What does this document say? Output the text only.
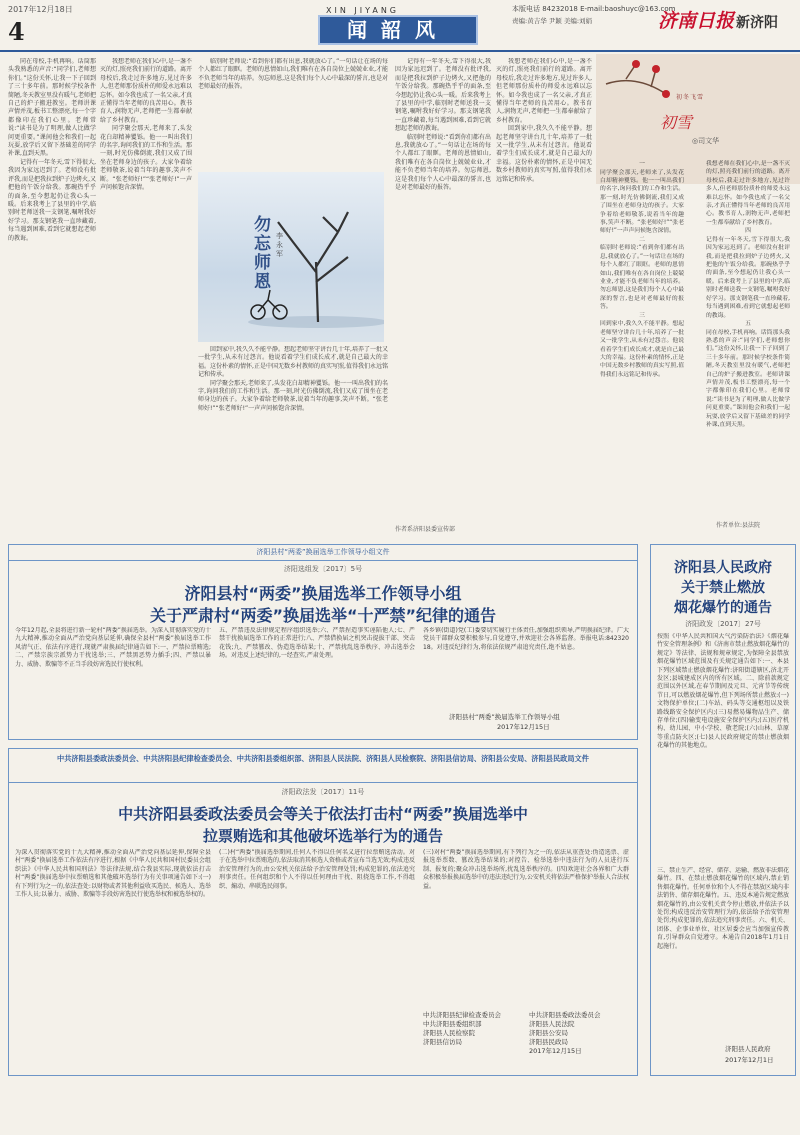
2017年12月18日
4
XIN JIYANG
闻韶风
本版电话 84232018 E-mail:baoshuyc@163.com
责编:黄吉华 尹颖 美编:刘娟	济南日报 新济阳

同在母校,手机再响。话筒那头我熟悉的声音:“同学们,老师想你们。”这份关怀,让我一下子回到了三十多年前。那时候学校条件简陋,冬天教室里没有暖气,老师把自己的炉子搬进教室。老师讲课声情并茂,板书工整漂亮,每一个字都像印在我们心里。老师常说:“读书是为了明理,做人比做学问更重要。”课间他会和我们一起玩耍,放学后又留下基础差的同学补课,直到天黑。

记得有一年冬天,雪下得很大,我因为家远迟到了。老师没有批评我,而是把我拉到炉子边烤火,又把他的午饭分给我。那碗热乎乎的面条,至今想起仍让我心头一暖。后来我考上了县里的中学,临别时老师送我一支钢笔,嘱咐我好好学习。那支钢笔我一直珍藏着,每当遇到困难,看到它就想起老师的教诲。

我想老师在我们心中,是一盏不灭的灯,照亮我们前行的道路。离开母校后,我走过许多地方,见过许多人,但老师那份质朴的师爱永远难以忘怀。如今我也成了一名父亲,才真正懂得当年老师的良苦用心。教书育人,润物无声,老师把一生都奉献给了乡村教育。

同学聚会那天,老师来了,头发花白却精神矍铄。他一一叫出我们的名字,询问我们的工作和生活。那一刻,时光仿佛倒流,我们又成了围坐在老师身边的孩子。大家争着给老师敬茶,说着当年的趣事,笑声不断。“张老师好!”“张老师好!”一声声问候饱含深情。

临别时老师说:“看到你们都有出息,我就放心了。”一句话让在场的每个人都红了眼眶。老师的恩情如山,我们唯有在各自岗位上兢兢业业,才能不负老师当年的培养。勿忘师恩,这是我们每个人心中最深的誓言,也是对老师最好的报答。

回到家中,我久久不能平静。想起老师坚守讲台几十年,培养了一批又一批学生,从未有过怨言。他说看着学生们成长成才,就是自己最大的幸福。这份朴素的情怀,正是中国无数乡村教师的真实写照,值得我们永远铭记和传承。

同学聚会那天,老师来了,头发花白却精神矍铄。他一一叫出我们的名字,询问我们的工作和生活。那一刻,时光仿佛倒流,我们又成了围坐在老师身边的孩子。大家争着给老师敬茶,说着当年的趣事,笑声不断。“张老师好!”“张老师好!”一声声问候饱含深情。

记得有一年冬天,雪下得很大,我因为家远迟到了。老师没有批评我,而是把我拉到炉子边烤火,又把他的午饭分给我。那碗热乎乎的面条,至今想起仍让我心头一暖。后来我考上了县里的中学,临别时老师送我一支钢笔,嘱咐我好好学习。那支钢笔我一直珍藏着,每当遇到困难,看到它就想起老师的教诲。

临别时老师说:“看到你们都有出息,我就放心了。”一句话让在场的每个人都红了眼眶。老师的恩情如山,我们唯有在各自岗位上兢兢业业,才能不负老师当年的培养。勿忘师恩,这是我们每个人心中最深的誓言,也是对老师最好的报答。

我想老师在我们心中,是一盏不灭的灯,照亮我们前行的道路。离开母校后,我走过许多地方,见过许多人,但老师那份质朴的师爱永远难以忘怀。如今我也成了一名父亲,才真正懂得当年老师的良苦用心。教书育人,润物无声,老师把一生都奉献给了乡村教育。

回到家中,我久久不能平静。想起老师坚守讲台几十年,培养了一批又一批学生,从未有过怨言。他说看着学生们成长成才,就是自己最大的幸福。这份朴素的情怀,正是中国无数乡村教师的真实写照,值得我们永远铭记和传承。

勿忘师恩
李永军
作者系济阳县委宣传部
初冬飞雪
初雪
◎司文华
一
同学聚会那天,老师来了,头发花白却精神矍铄。他一一叫出我们的名字,询问我们的工作和生活。那一刻,时光仿佛倒流,我们又成了围坐在老师身边的孩子。大家争着给老师敬茶,说着当年的趣事,笑声不断。“张老师好!”“张老师好!”一声声问候饱含深情。
二
临别时老师说:“看到你们都有出息,我就放心了。”一句话让在场的每个人都红了眼眶。老师的恩情如山,我们唯有在各自岗位上兢兢业业,才能不负老师当年的培养。勿忘师恩,这是我们每个人心中最深的誓言,也是对老师最好的报答。
三
回到家中,我久久不能平静。想起老师坚守讲台几十年,培养了一批又一批学生,从未有过怨言。他说看着学生们成长成才,就是自己最大的幸福。这份朴素的情怀,正是中国无数乡村教师的真实写照,值得我们永远铭记和传承。
我想老师在我们心中,是一盏不灭的灯,照亮我们前行的道路。离开母校后,我走过许多地方,见过许多人,但老师那份质朴的师爱永远难以忘怀。如今我也成了一名父亲,才真正懂得当年老师的良苦用心。教书育人,润物无声,老师把一生都奉献给了乡村教育。
四
记得有一年冬天,雪下得很大,我因为家远迟到了。老师没有批评我,而是把我拉到炉子边烤火,又把他的午饭分给我。那碗热乎乎的面条,至今想起仍让我心头一暖。后来我考上了县里的中学,临别时老师送我一支钢笔,嘱咐我好好学习。那支钢笔我一直珍藏着,每当遇到困难,看到它就想起老师的教诲。
五
同在母校,手机再响。话筒那头我熟悉的声音:“同学们,老师想你们。”这份关怀,让我一下子回到了三十多年前。那时候学校条件简陋,冬天教室里没有暖气,老师把自己的炉子搬进教室。老师讲课声情并茂,板书工整漂亮,每一个字都像印在我们心里。老师常说:“读书是为了明理,做人比做学问更重要。”课间他会和我们一起玩耍,放学后又留下基础差的同学补课,直到天黑。
作者单位:县法院
济阳县村“两委”换届选举工作领导小组文件
济阳选组发〔2017〕5号
济阳县村“两委”换届选举工作领导小组
关于严肃村“两委”换届选举“十严禁”纪律的通告
今年12月起,全县将进行新一轮村“两委”换届选举。为深入贯彻落实党的十九大精神,推动全面从严治党向基层延伸,确保全县村“两委”换届选举工作风清气正、依法有序进行,现就严肃换届纪律通告如下:一、严禁拉票贿选;二、严禁宗族宗派势力干扰选举;三、严禁黑恶势力插手;四、严禁以暴力、威胁、欺骗等不正当手段妨害选民行使权利。
五、严禁违反法律规定程序组织选举;六、严禁捏造事实诬陷他人;七、严禁干扰换届选举工作的正常进行;八、严禁借换届之机突击提拔干部、突击花钱;九、严禁篡改、伪造选举结果;十、严禁扰乱选举秩序、冲击选举会场。对违反上述纪律的,一经查实,严肃处理。
各乡镇(街道)党(工)委要切实履行主体责任,加强组织领导,严明换届纪律。广大党员干部群众要积极参与,自觉遵守,并欢迎社会各界监督。举报电话:84232018。对违反纪律行为,将依法依规严肃追究责任,绝不姑息。
济阳县村“两委”换届选举工作领导小组
2017年12月15日
中共济阳县委政法委员会、中共济阳县纪律检查委员会、中共济阳县委组织部、济阳县人民法院、济阳县人民检察院、济阳县信访局、济阳县公安局、济阳县民政局文件
济阳政法发〔2017〕11号
中共济阳县委政法委员会等关于依法打击村“两委”换届选举中
拉票贿选和其他破坏选举行为的通告
为深入贯彻落实党的十九大精神,推动全面从严治党向基层延伸,保障全县村“两委”换届选举工作依法有序进行,根据《中华人民共和国村民委员会组织法》《中华人民共和国刑法》等法律法规,结合我县实际,现就依法打击村“两委”换届选举中拉票贿选和其他破坏选举行为有关事项通告如下:(一)有下列行为之一的,依法查处:以财物或者其他利益收买选民、候选人、选举工作人员;以暴力、威胁、欺骗等手段妨害选民行使选举权和被选举权的。
(二)村“两委”换届选举期间,任何人不得以任何名义进行拉票贿选活动。对于在选举中拉票贿选的,依法取消其候选人资格或者宣布当选无效;构成违反治安管理行为的,由公安机关依法给予治安管理处罚;构成犯罪的,依法追究刑事责任。任何组织和个人不得以任何理由干扰、阻挠选举工作,不得组织、煽动、串联选民闹事。
(三)对村“两委”换届选举期间,有下列行为之一的,依法从重查处:伪造选票、虚报选举票数、篡改选举结果的;对控告、检举选举中违法行为的人员进行压制、报复的;聚众冲击选举场所,扰乱选举秩序的。(四)欢迎社会各界和广大群众积极举报换届选举中的违法违纪行为,公安机关将依法严格保护举报人合法权益。
中共济阳县纪律检查委员会
中共济阳县委组织部
济阳县人民检察院
济阳县信访局
中共济阳县委政法委员会
济阳县人民法院
济阳县公安局
济阳县民政局
2017年12月15日
济阳县人民政府
关于禁止燃放
烟花爆竹的通告
济阳政发〔2017〕27号
按照《中华人民共和国大气污染防治法》《烟花爆竹安全管理条例》和《济南市禁止燃放烟花爆竹的规定》等法律、法规和规章规定,为保障全县禁放烟花爆竹区域范围及有关规定通告如下:一、本县下列区域禁止燃放烟花爆竹:济阳街道辖区,济北开发区;县城建成区内的所有区域。二、除前款规定范围以外区域,在春节期间及元旦、元宵节等传统节日,可以燃放烟花爆竹,但下列场所禁止燃放:(一)文物保护单位;(二)车站、码头等交通枢纽以及铁路线路安全保护区内;(三)易燃易爆物品生产、储存单位;(四)输变电设施安全保护区内;(五)医疗机构、幼儿园、中小学校、敬老院;(六)山林、草原等重点防火区;(七)县人民政府规定的禁止燃放烟花爆竹的其他地点。
三、禁止生产、经营、储存、运输、燃放非法烟花爆竹。四、在禁止燃放烟花爆竹的区域内,禁止销售烟花爆竹。任何单位和个人不得在禁放区域内非法销售、储存烟花爆竹。五、违反本通告规定燃放烟花爆竹的,由公安机关责令停止燃放,并依法予以处罚;构成违反治安管理行为的,依法给予治安管理处罚;构成犯罪的,依法追究刑事责任。六、机关、团体、企事业单位、社区居委会应当加强宣传教育,引导群众自觉遵守。本通告自2018年1月1日起施行。
济阳县人民政府
2017年12月1日
